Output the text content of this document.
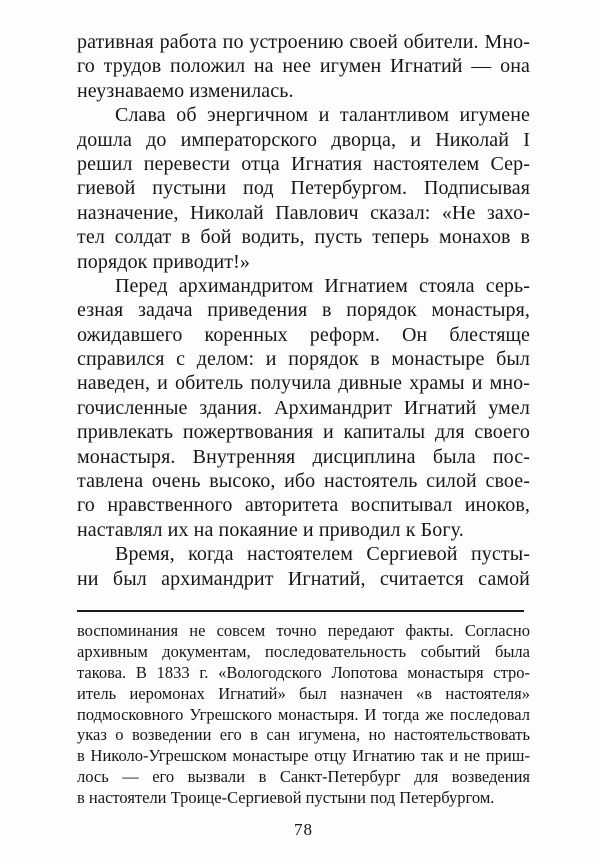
ративная работа по устроению своей обители. Мно-
го трудов положил на нее игумен Игнатий — она
неузнаваемо изменилась.
Слава об энергичном и талантливом игумене
дошла до императорского дворца, и Николай I
решил перевести отца Игнатия настоятелем Сер-
гиевой пустыни под Петербургом. Подписывая
назначение, Николай Павлович сказал: «Не захо-
тел солдат в бой водить, пусть теперь монахов в
порядок приводит!»
Перед архимандритом Игнатием стояла серь-
езная задача приведения в порядок монастыря,
ожидавшего коренных реформ. Он блестяще
справился с делом: и порядок в монастыре был
наведен, и обитель получила дивные храмы и мно-
гочисленные здания. Архимандрит Игнатий умел
привлекать пожертвования и капиталы для своего
монастыря. Внутренняя дисциплина была пос-
тавлена очень высоко, ибо настоятель силой свое-
го нравственного авторитета воспитывал иноков,
наставлял их на покаяние и приводил к Богу.
Время, когда настоятелем Сергиевой пусты-
ни был архимандрит Игнатий, считается самой
воспоминания не совсем точно передают факты. Согласно
архивным документам, последовательность событий была
такова. В 1833 г. «Вологодского Лопотова монастыря стро-
итель иеромонах Игнатий» был назначен «в настоятеля»
подмосковного Угрешского монастыря. И тогда же последовал
указ о возведении его в сан игумена, но настоятельствовать
в Николо-Угрешском монастыре отцу Игнатию так и не приш-
лось — его вызвали в Санкт-Петербург для возведения
в настоятели Троице-Сергиевой пустыни под Петербургом.
78
